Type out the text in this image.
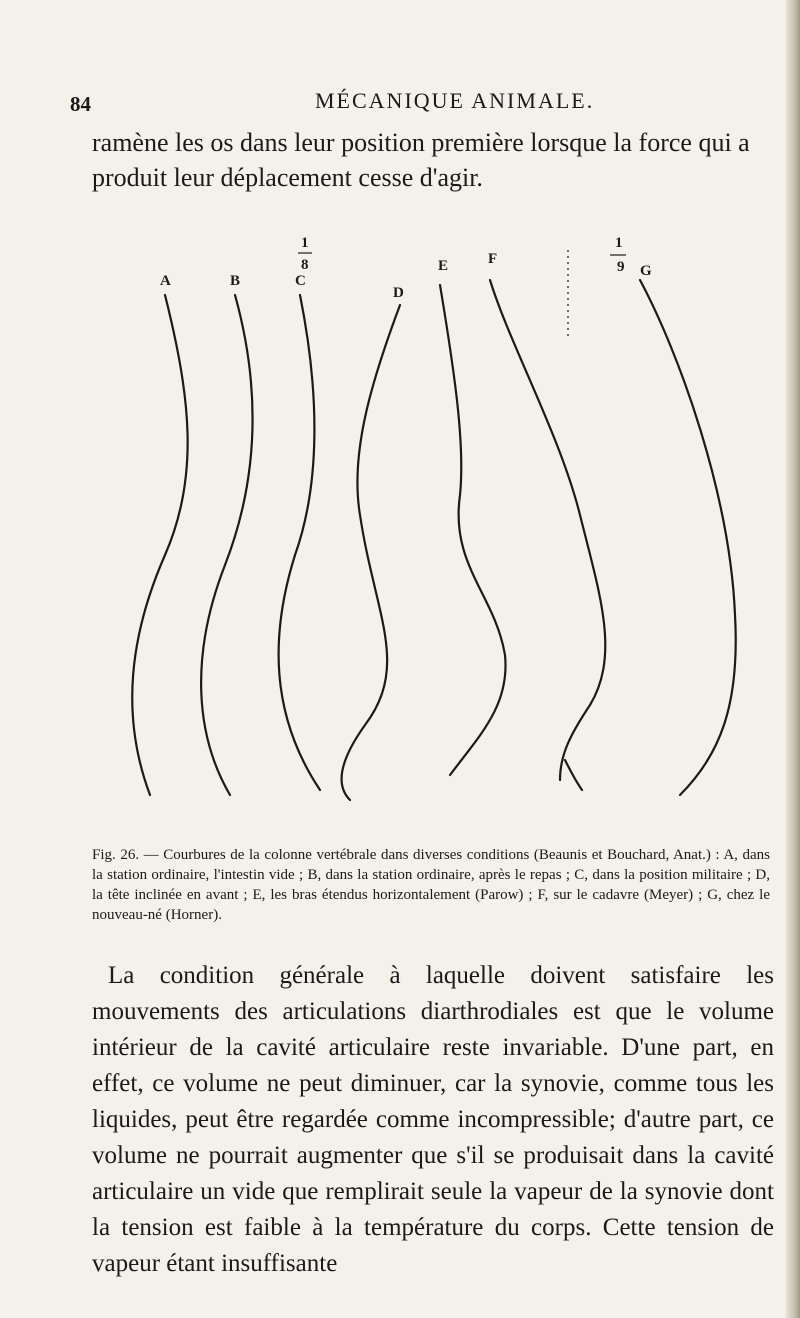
84	MÉCANIQUE ANIMALE.

ramène les os dans leur position première lorsque la force qui a produit leur déplacement cesse d'agir.

A	B	C
D
E	F
G
1
8
1
9

Fig. 26. — Courbures de la colonne vertébrale dans diverses conditions (Beaunis et Bouchard, Anat.) : A, dans la station ordinaire, l'intestin vide ; B, dans la station ordinaire, après le repas ; C, dans la position militaire ; D, la tête inclinée en avant ; E, les bras étendus horizontalement (Parow) ; F, sur le cadavre (Meyer) ; G, chez le nouveau-né (Horner).

La condition générale à laquelle doivent satisfaire les mouvements des articulations diarthrodiales est que le volume intérieur de la cavité articulaire reste invariable. D'une part, en effet, ce volume ne peut diminuer, car la synovie, comme tous les liquides, peut être regardée comme incompressible; d'autre part, ce volume ne pourrait augmenter que s'il se produisait dans la cavité articulaire un vide que remplirait seule la vapeur de la synovie dont la tension est faible à la température du corps. Cette tension de vapeur étant insuffisante
